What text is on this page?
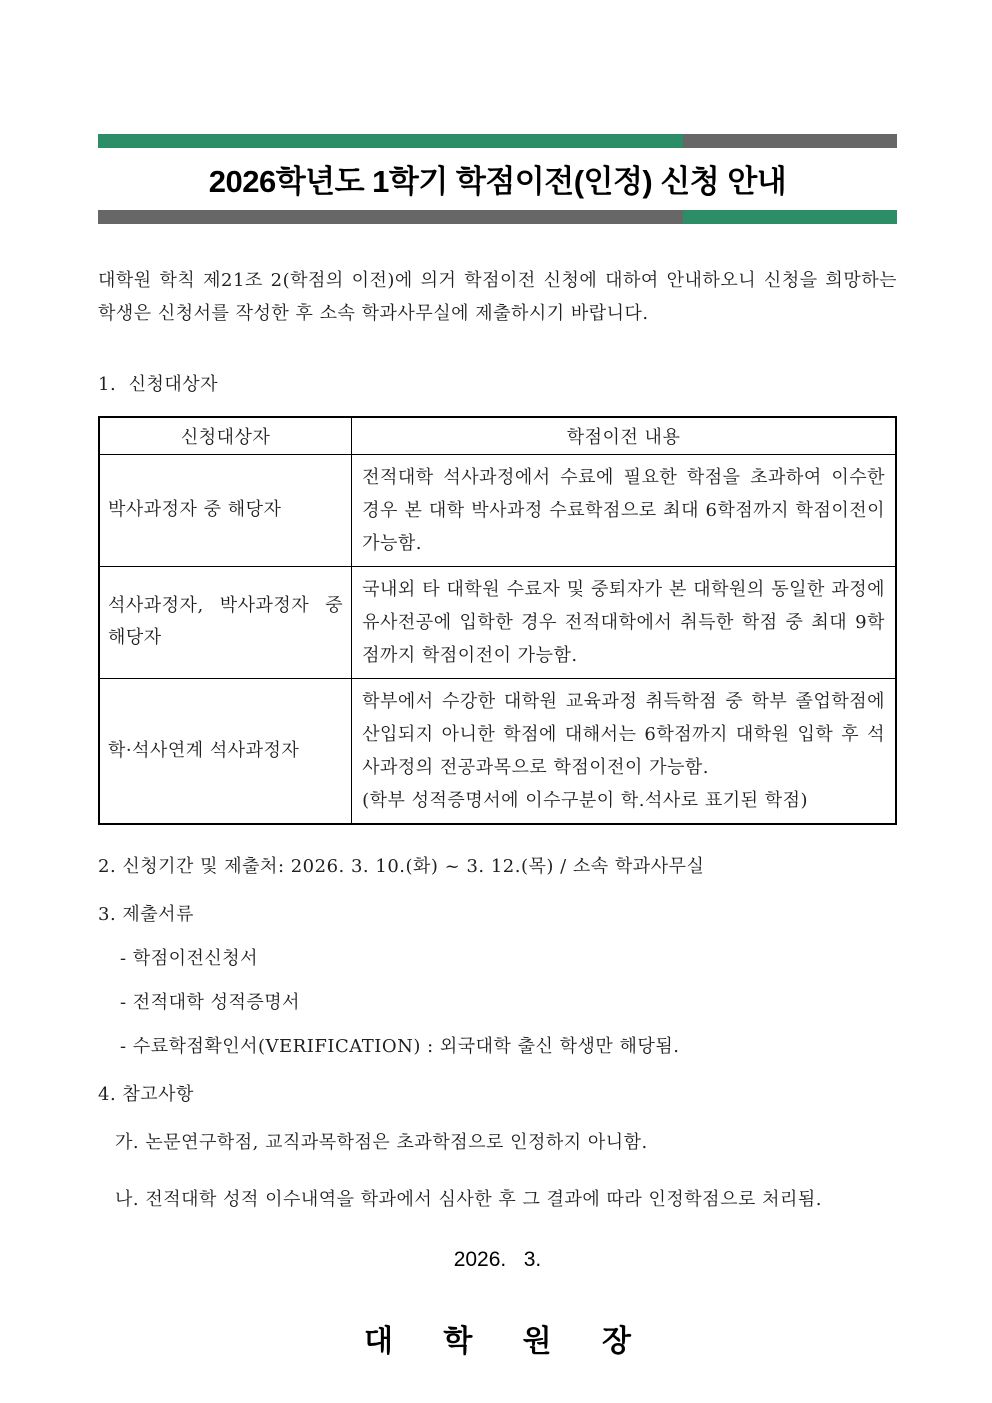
2026학년도 1학기 학점이전(인정) 신청 안내

대학원 학칙 제21조 2(학점의 이전)에 의거 학점이전 신청에 대하여 안내하오니 신청을 희망하는 학생은 신청서를 작성한 후 소속 학과사무실에 제출하시기 바랍니다.

1.  신청대상자
신청대상자	학점이전 내용
박사과정자 중 해당자	전적대학 석사과정에서 수료에 필요한 학점을 초과하여 이수한 경우 본 대학 박사과정 수료학점으로 최대 6학점까지 학점이전이 가능함.
석사과정자, 박사과정자 중 해당자	국내외 타 대학원 수료자 및 중퇴자가 본 대학원의 동일한 과정에 유사전공에 입학한 경우 전적대학에서 취득한 학점 중 최대 9학점까지 학점이전이 가능함.
학·석사연계 석사과정자	학부에서 수강한 대학원 교육과정 취득학점 중 학부 졸업학점에 산입되지 아니한 학점에 대해서는 6학점까지 대학원 입학 후 석사과정의 전공과목으로 학점이전이 가능함.
(학부 성적증명서에 이수구분이 학.석사로 표기된 학점)
2. 신청기간 및 제출처: 2026. 3. 10.(화) ~ 3. 12.(목) / 소속 학과사무실
3. 제출서류
- 학점이전신청서
- 전적대학 성적증명서
- 수료학점확인서(VERIFICATION) : 외국대학 출신 학생만 해당됨.
4. 참고사항
가. 논문연구학점, 교직과목학점은 초과학점으로 인정하지 아니함.
나. 전적대학 성적 이수내역을 학과에서 심사한 후 그 결과에 따라 인정학점으로 처리됨.
2026.   3.
대 학 원 장
